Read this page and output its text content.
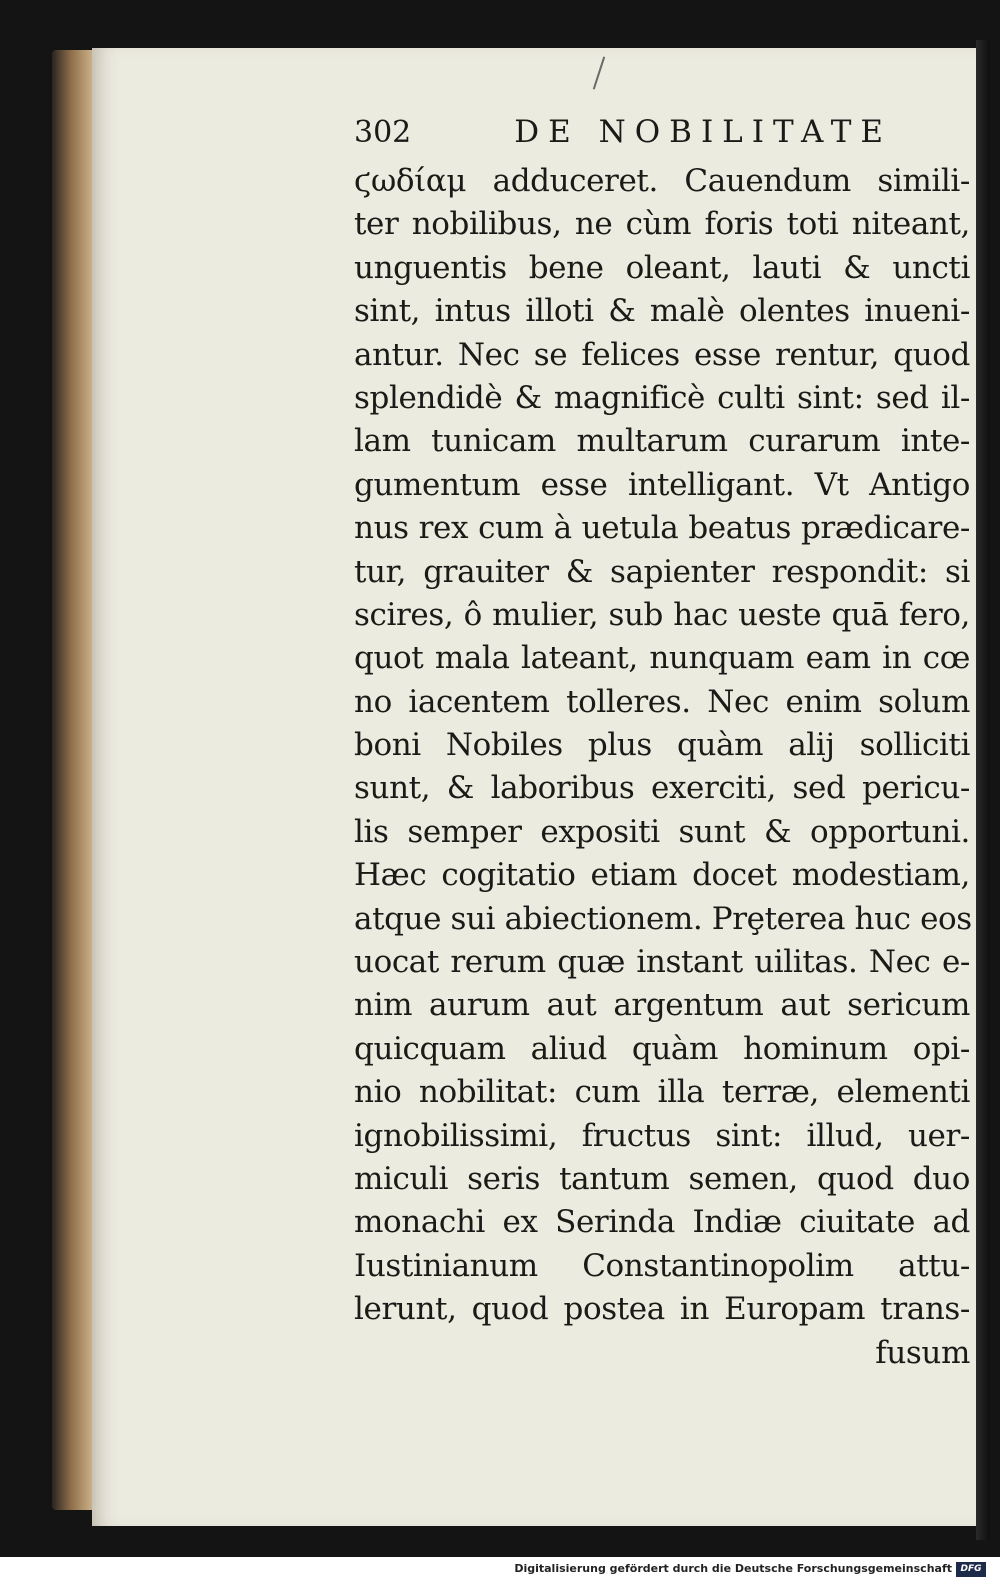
302	DE NOBILITATE
ϛωδίαμ adduceret. Cauendum simili-
ter nobilibus, ne cùm foris toti niteant,
unguentis bene oleant, lauti & uncti
sint, intus illoti & malè olentes inueni-
antur. Nec se felices esse rentur, quod
splendidè & magnificè culti sint: sed il-
lam tunicam multarum curarum inte-
gumentum esse intelligant. Vt Antigo
nus rex cum à uetula beatus prædicare-
tur, grauiter & sapienter respondit: si
scires, ô mulier, sub hac ueste quā fero,
quot mala lateant, nunquam eam in cœ
no iacentem tolleres. Nec enim solum
boni Nobiles plus quàm alij solliciti
sunt, & laboribus exerciti, sed pericu-
lis semper expositi sunt & opportuni.
Hæc cogitatio etiam docet modestiam,
atque sui abiectionem. Prȩterea huc eos
uocat rerum quæ instant uilitas. Nec e-
nim aurum aut argentum aut sericum
quicquam aliud quàm hominum opi-
nio nobilitat: cum illa terræ, elementi
ignobilissimi, fructus sint: illud, uer-
miculi seris tantum semen, quod duo
monachi ex Serinda Indiæ ciuitate ad
Iustinianum Constantinopolim attu-
lerunt, quod postea in Europam trans-
fusum
Digitalisierung gefördert durch die Deutsche Forschungsgemeinschaft DFG
